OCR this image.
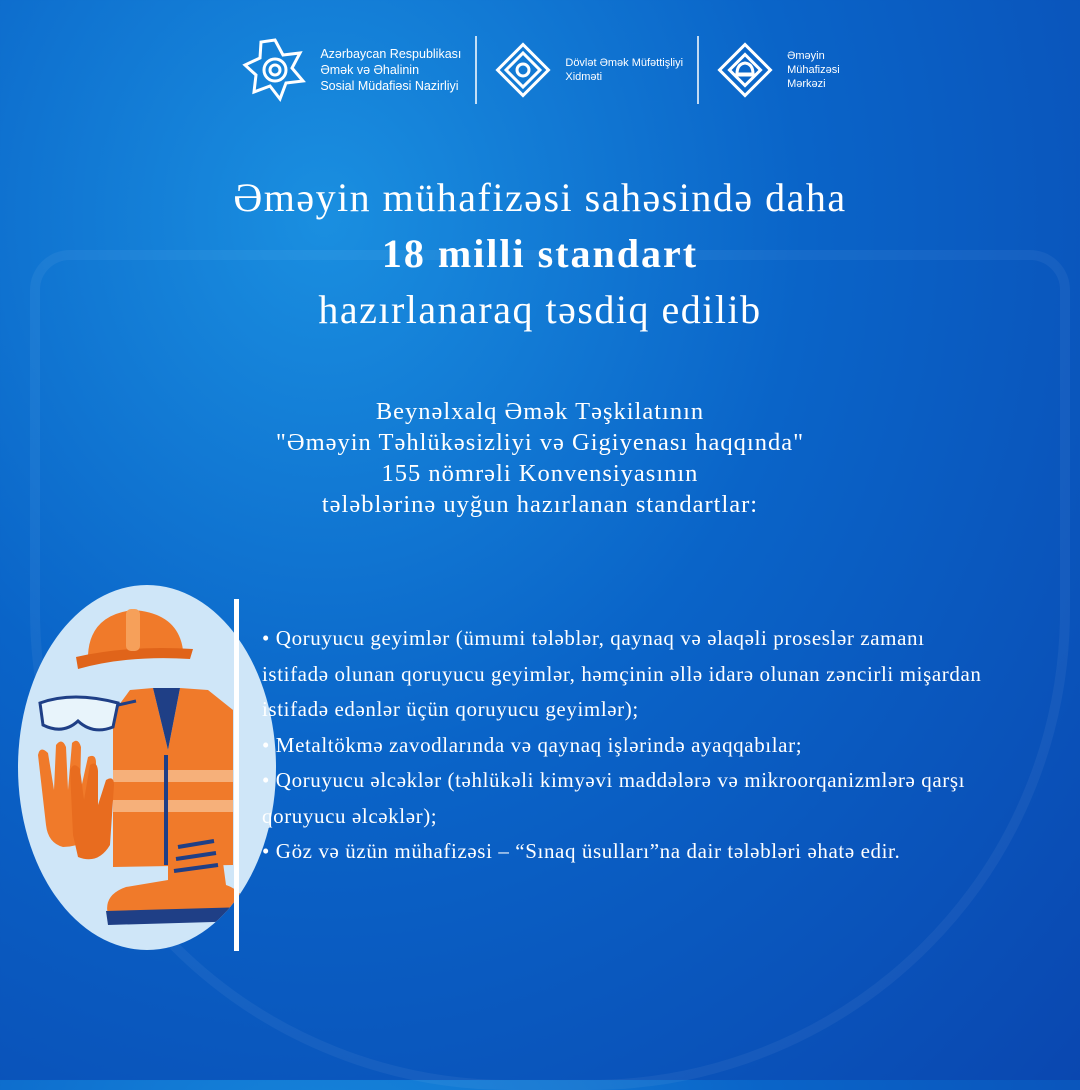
Azərbaycan Respublikası
Əmək və Əhalinin
Sosial Müdafiəsi Nazirliyi
Dövlət Əmək Müfəttişliyi
Xidməti
Əməyin
Mühafizəsi
Mərkəzi
Əməyin mühafizəsi sahəsində daha
18 milli standart
hazırlanaraq təsdiq edilib
Beynəlxalq Əmək Təşkilatının
"Əməyin Təhlükəsizliyi və Gigiyenası haqqında"
155 nömrəli Konvensiyasının
tələblərinə uyğun hazırlanan standartlar:

• Qoruyucu geyimlər (ümumi tələblər, qaynaq və əlaqəli proseslər zamanı istifadə olunan qoruyucu geyimlər, həmçinin əllə idarə olunan zəncirli mişardan istifadə edənlər üçün qoruyucu geyimlər);

• Metaltökmə zavodlarında və qaynaq işlərində ayaqqabılar;

• Qoruyucu əlcəklər (təhlükəli kimyəvi maddələrə və mikroorqanizmlərə qarşı qoruyucu əlcəklər);

• Göz və üzün mühafizəsi – “Sınaq üsulları”na dair tələbləri əhatə edir.
